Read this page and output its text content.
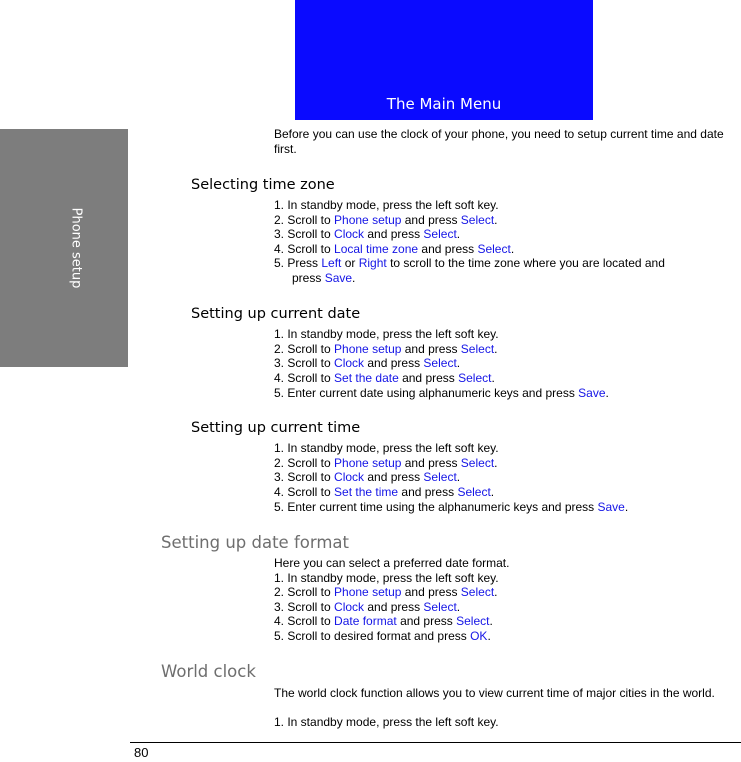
The Main Menu
Phone setup
Before you can use the clock of your phone, you need to setup current time and date first.
Selecting time zone
1. In standby mode, press the left soft key.
2. Scroll to Phone setup and press Select.
3. Scroll to Clock and press Select.
4. Scroll to Local time zone and press Select.
5. Press Left or Right to scroll to the time zone where you are located and
press Save.
Setting up current date
1. In standby mode, press the left soft key.
2. Scroll to Phone setup and press Select.
3. Scroll to Clock and press Select.
4. Scroll to Set the date and press Select.
5. Enter current date using alphanumeric keys and press Save.
Setting up current time
1. In standby mode, press the left soft key.
2. Scroll to Phone setup and press Select.
3. Scroll to Clock and press Select.
4. Scroll to Set the time and press Select.
5. Enter current time using the alphanumeric keys and press Save.
Setting up date format
Here you can select a preferred date format.
1. In standby mode, press the left soft key.
2. Scroll to Phone setup and press Select.
3. Scroll to Clock and press Select.
4. Scroll to Date format and press Select.
5. Scroll to desired format and press OK.
World clock
The world clock function allows you to view current time of major cities in the world.
1. In standby mode, press the left soft key.
80
